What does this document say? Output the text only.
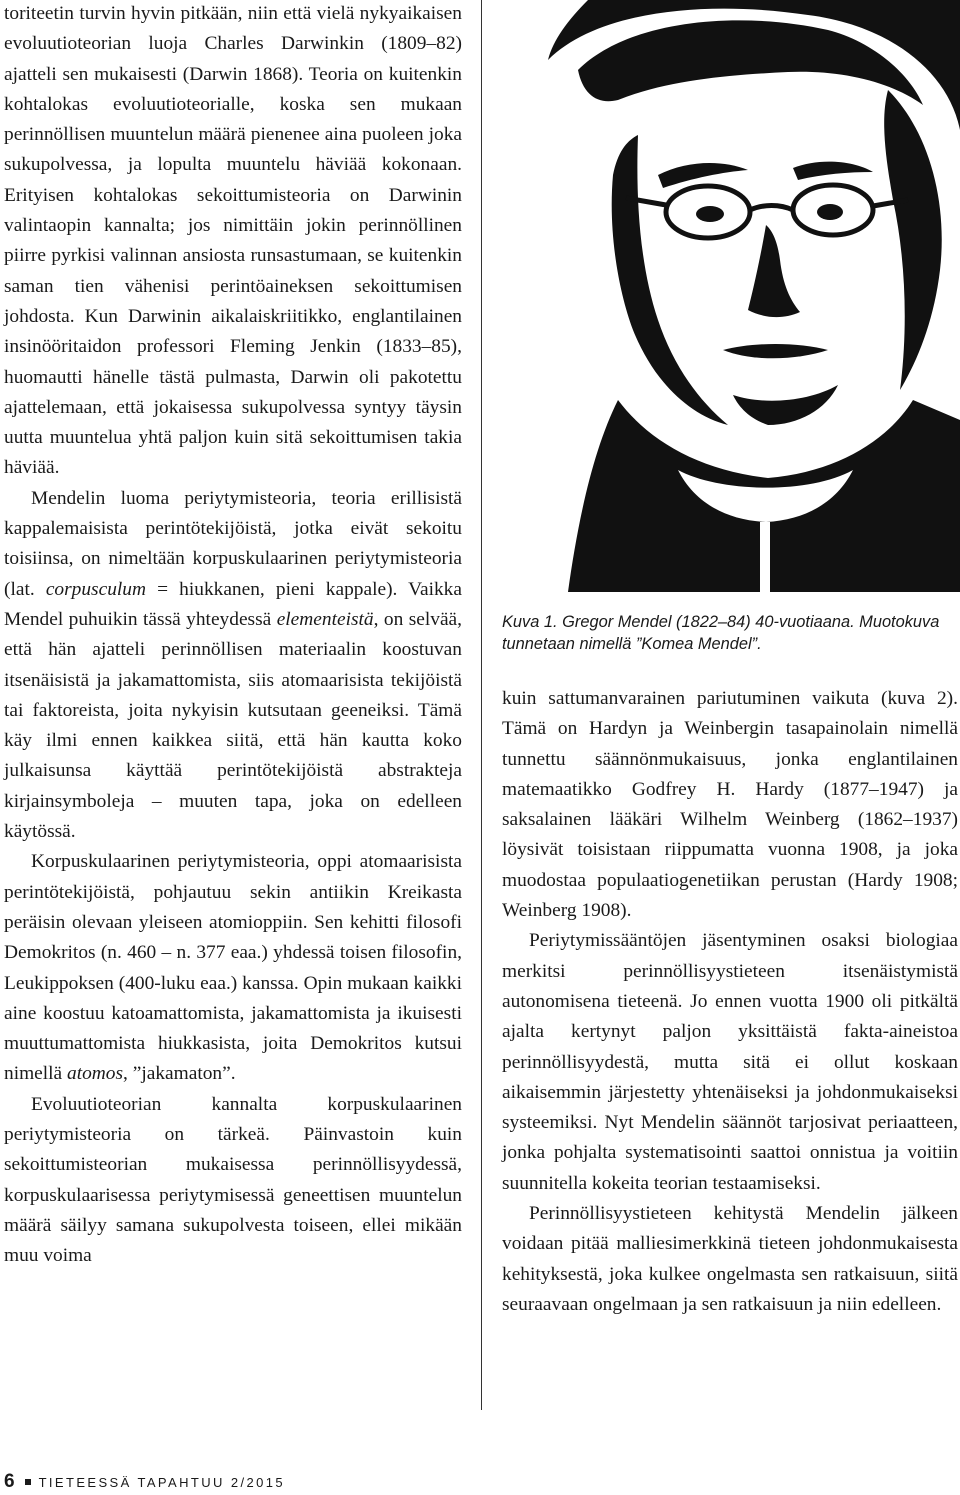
toriteetin turvin hyvin pitkään, niin että vielä nykyaikaisen evoluutioteorian luoja Charles Darwinkin (1809–82) ajatteli sen mukaisesti (Darwin 1868). Teoria on kuitenkin kohtalokas evoluutioteorialle, koska sen mukaan perinnöllisen muuntelun määrä pienenee aina puoleen joka sukupolvessa, ja lopulta muuntelu häviää kokonaan. Erityisen kohtalokas sekoittumisteoria on Darwinin valintaopin kannalta; jos nimittäin jokin perinnöllinen piirre pyrkisi valinnan ansiosta runsastumaan, se kuitenkin saman tien vähenisi perintöaineksen sekoittumisen johdosta. Kun Darwinin aikalaiskriitikko, englantilainen insinööritaidon professori Fleming Jenkin (1833–85), huomautti hänelle tästä pulmasta, Darwin oli pakotettu ajattelemaan, että jokaisessa sukupolvessa syntyy täysin uutta muuntelua yhtä paljon kuin sitä sekoittumisen takia häviää.

Mendelin luoma periytymisteoria, teoria erillisistä kappalemaisista perintötekijöistä, jotka eivät sekoitu toisiinsa, on nimeltään korpuskulaarinen periytymisteoria (lat. corpusculum = hiukkanen, pieni kappale). Vaikka Mendel puhuikin tässä yhteydessä elementeistä, on selvää, että hän ajatteli perinnöllisen materiaalin koostuvan itsenäisistä ja jakamattomista, siis atomaarisista tekijöistä tai faktoreista, joita nykyisin kutsutaan geeneiksi. Tämä käy ilmi ennen kaikkea siitä, että hän kautta koko julkaisunsa käyttää perintötekijöistä abstrakteja kirjainsymboleja – muuten tapa, joka on edelleen käytössä.

Korpuskulaarinen periytymisteoria, oppi atomaarisista perintötekijöistä, pohjautuu sekin antiikin Kreikasta peräisin olevaan yleiseen atomioppiin. Sen kehitti filosofi Demokritos (n. 460 – n. 377 eaa.) yhdessä toisen filosofin, Leukippoksen (400-luku eaa.) kanssa. Opin mukaan kaikki aine koostuu katoamattomista, jakamattomista ja ikuisesti muuttumattomista hiukkasista, joita Demokritos kutsui nimellä atomos, ”jakamaton”.

Evoluutioteorian kannalta korpuskulaarinen periytymisteoria on tärkeä. Päinvastoin kuin sekoittumisteorian mukaisessa perinnöllisyydessä, korpuskulaarisessa periytymisessä geneettisen muuntelun määrä säilyy samana sukupolvesta toiseen, ellei mikään muu voima

Kuva 1. Gregor Mendel (1822–84) 40-vuotiaana. Muotokuva tunnetaan nimellä ”Komea Mendel”.

kuin sattumanvarainen pariutuminen vaikuta (kuva 2). Tämä on Hardyn ja Weinbergin tasapainolain nimellä tunnettu säännönmukaisuus, jonka englantilainen matemaatikko Godfrey H. Hardy (1877–1947) ja saksalainen lääkäri Wilhelm Weinberg (1862–1937) löysivät toisistaan riippumatta vuonna 1908, ja joka muodostaa populaatiogenetiikan perustan (Hardy 1908; Weinberg 1908).

Periytymissääntöjen jäsentyminen osaksi biologiaa merkitsi perinnöllisyystieteen itsenäistymistä autonomisena tieteenä. Jo ennen vuotta 1900 oli pitkältä ajalta kertynyt paljon yksittäistä fakta-aineistoa perinnöllisyydestä, mutta sitä ei ollut koskaan aikaisemmin järjestetty yhtenäiseksi ja johdonmukaiseksi systeemiksi. Nyt Mendelin säännöt tarjosivat periaatteen, jonka pohjalta systematisointi saattoi onnistua ja voitiin suunnitella kokeita teorian testaamiseksi.

Perinnöllisyystieteen kehitystä Mendelin jälkeen voidaan pitää malliesimerkkinä tieteen johdonmukaisesta kehityksestä, joka kulkee ongelmasta sen ratkaisuun, siitä seuraavaan ongelmaan ja sen ratkaisuun ja niin edelleen.

6 TIETEESSÄ TAPAHTUU 2/2015
